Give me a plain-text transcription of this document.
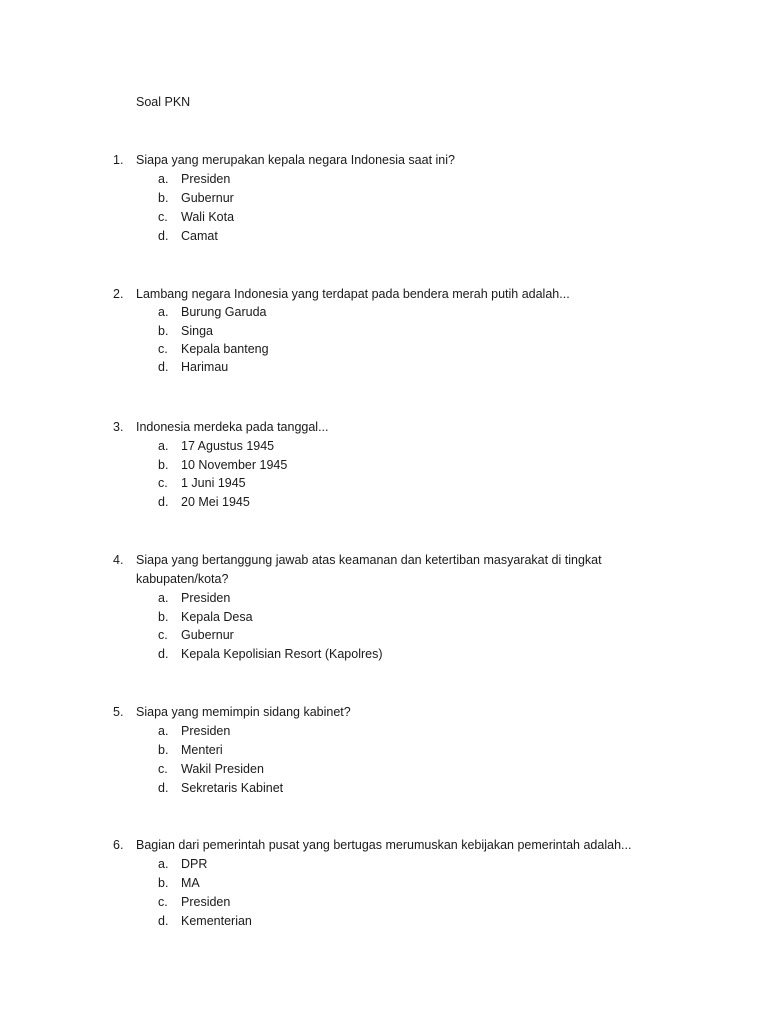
Soal PKN
1. Siapa yang merupakan kepala negara Indonesia saat ini?
a. Presiden
b. Gubernur
c. Wali Kota
d. Camat
2. Lambang negara Indonesia yang terdapat pada bendera merah putih adalah...
a. Burung Garuda
b. Singa
c. Kepala banteng
d. Harimau
3. Indonesia merdeka pada tanggal...
a. 17 Agustus 1945
b. 10 November 1945
c. 1 Juni 1945
d. 20 Mei 1945
4. Siapa yang bertanggung jawab atas keamanan dan ketertiban masyarakat di tingkat kabupaten/kota?
a. Presiden
b. Kepala Desa
c. Gubernur
d. Kepala Kepolisian Resort (Kapolres)
5. Siapa yang memimpin sidang kabinet?
a. Presiden
b. Menteri
c. Wakil Presiden
d. Sekretaris Kabinet
6. Bagian dari pemerintah pusat yang bertugas merumuskan kebijakan pemerintah adalah...
a. DPR
b. MA
c. Presiden
d. Kementerian
